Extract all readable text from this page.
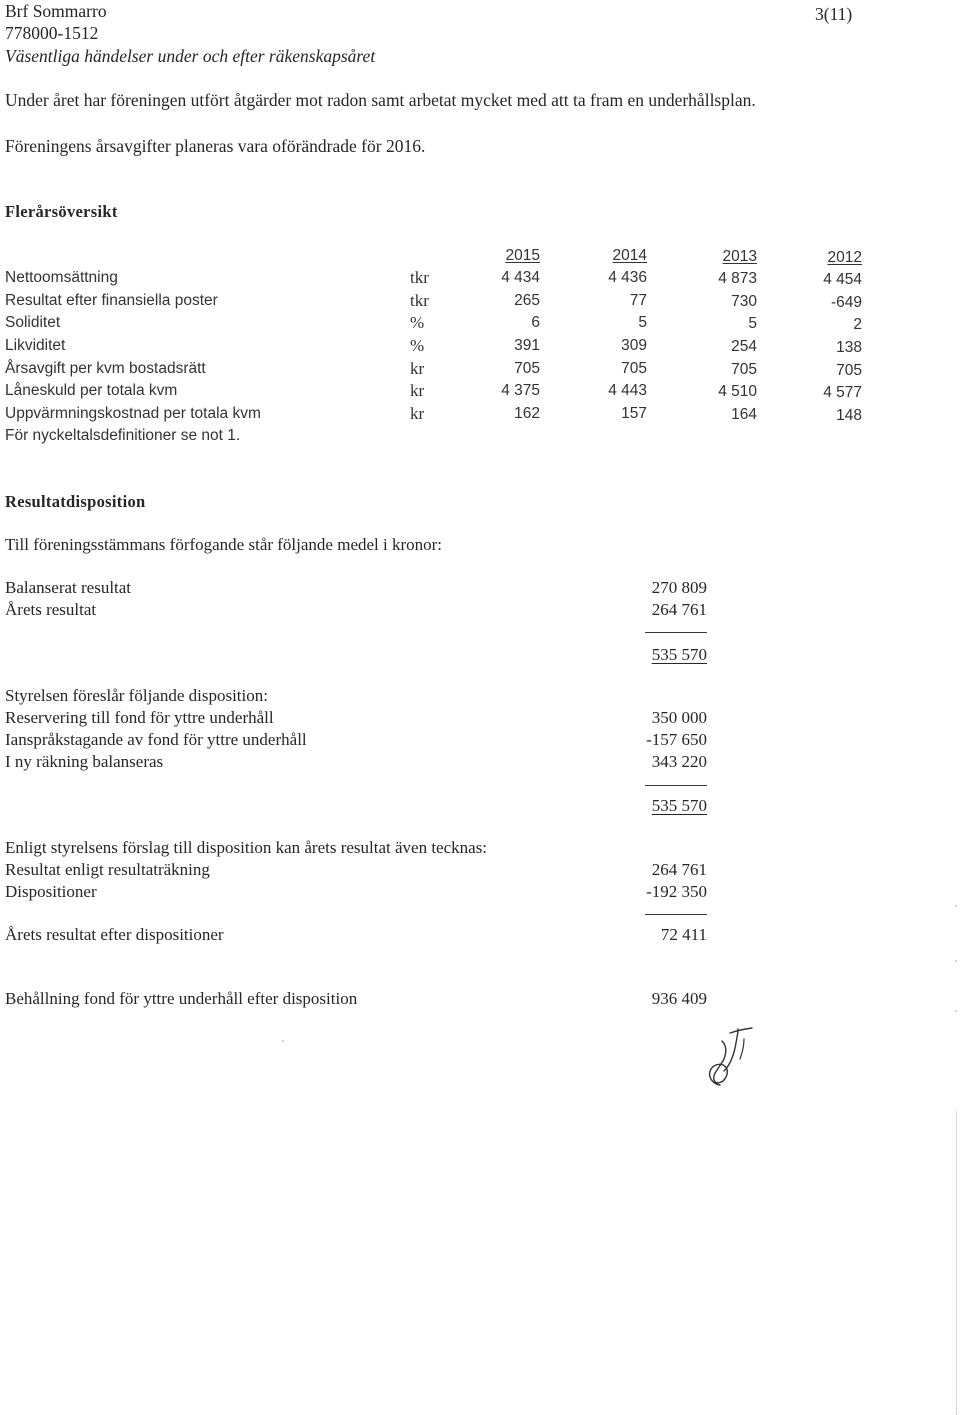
Brf Sommarro
778000-1512
Väsentliga händelser under och efter räkenskapsåret
3(11)
Under året har föreningen utfört åtgärder mot radon samt arbetat mycket med att ta fram en underhållsplan.
Föreningens årsavgifter planeras vara oförändrade för 2016.
Flerårsöversikt
2015	2014	2013	2012
Nettoomsättning	tkr	4 434	4 436	4 873	4 454
Resultat efter finansiella poster	tkr	265	77	730	-649
Soliditet	%	6	5	5	2
Likviditet	%	391	309	254	138
Årsavgift per kvm bostadsrätt	kr	705	705	705	705
Låneskuld per totala kvm	kr	4 375	4 443	4 510	4 577
Uppvärmningskostnad per totala kvm	kr	162	157	164	148
För nyckeltalsdefinitioner se not 1.
Resultatdisposition
Till föreningsstämmans förfogande står följande medel i kronor:
Balanserat resultat	270 809
Årets resultat	264 761
535 570
Styrelsen föreslår följande disposition:
Reservering till fond för yttre underhåll	350 000
Ianspråkstagande av fond för yttre underhåll	-157 650
I ny räkning balanseras	343 220
535 570
Enligt styrelsens förslag till disposition kan årets resultat även tecknas:
Resultat enligt resultaträkning	264 761
Dispositioner	-192 350
Årets resultat efter dispositioner	72 411
Behållning fond för yttre underhåll efter disposition	936 409
